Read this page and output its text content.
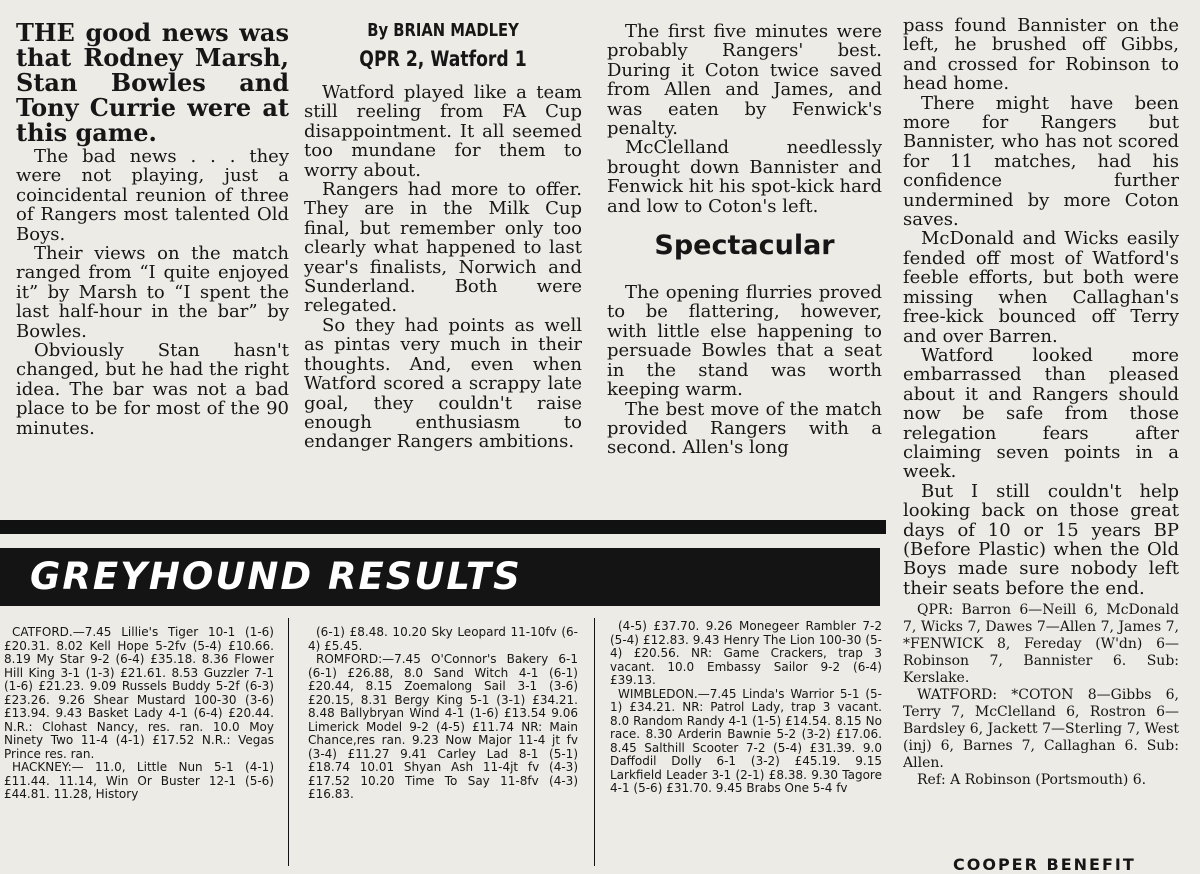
THE good news was that Rodney Marsh, Stan Bowles and Tony Currie were at this game.

The bad news . . . they were not playing, just a coincidental reunion of three of Rangers most talented Old Boys.

Their views on the match ranged from “I quite enjoyed it” by Marsh to “I spent the last half-hour in the bar” by Bowles.

Obviously Stan hasn't changed, but he had the right idea. The bar was not a bad place to be for most of the 90 minutes.

By BRIAN MADLEY
QPR 2, Watford 1

Watford played like a team still reeling from FA Cup disappointment. It all seemed too mundane for them to worry about.

Rangers had more to offer. They are in the Milk Cup final, but remember only too clearly what happened to last year's finalists, Norwich and Sunderland. Both were relegated.

So they had points as well as pintas very much in their thoughts. And, even when Watford scored a scrappy late goal, they couldn't raise enough enthusiasm to endanger Rangers ambitions.

The first five minutes were probably Rangers' best. During it Coton twice saved from Allen and James, and was eaten by Fenwick's penalty.

McClelland needlessly brought down Bannister and Fenwick hit his spot-kick hard and low to Coton's left.

Spectacular

The opening flurries proved to be flattering, however, with little else happening to persuade Bowles that a seat in the stand was worth keeping warm.

The best move of the match provided Rangers with a second. Allen's long

pass found Bannister on the left, he brushed off Gibbs, and crossed for Robinson to head home.

There might have been more for Rangers but Bannister, who has not scored for 11 matches, had his confidence further undermined by more Coton saves.

McDonald and Wicks easily fended off most of Watford's feeble efforts, but both were missing when Callaghan's free-kick bounced off Terry and over Barren.

Watford looked more embarrassed than pleased about it and Rangers should now be safe from those relegation fears after claiming seven points in a week.

But I still couldn't help looking back on those great days of 10 or 15 years BP (Before Plastic) when the Old Boys made sure nobody left their seats before the end.

QPR: Barron 6—Neill 6, McDonald 7, Wicks 7, Dawes 7—Allen 7, James 7, *FENWICK 8, Fereday (W'dn) 6—Robinson 7, Bannister 6. Sub: Kerslake.

WATFORD: *COTON 8—Gibbs 6, Terry 7, McClelland 6, Rostron 6—Bardsley 6, Jackett 7—Sterling 7, West (inj) 6, Barnes 7, Callaghan 6. Sub: Allen.

Ref: A Robinson (Portsmouth) 6.

COOPER BENEFIT
GREYHOUND RESULTS

CATFORD.—7.45 Lillie's Tiger 10-1 (1-6) £20.31. 8.02 Kell Hope 5-2fv (5-4) £10.66. 8.19 My Star 9-2 (6-4) £35.18. 8.36 Flower Hill King 3-1 (1-3) £21.61. 8.53 Guzzler 7-1 (1-6) £21.23. 9.09 Russels Buddy 5-2f (6-3) £23.26. 9.26 Shear Mustard 100-30 (3-6) £13.94. 9.43 Basket Lady 4-1 (6-4) £20.44. N.R.: Clohast Nancy, res. ran. 10.0 Moy Ninety Two 11-4 (4-1) £17.52 N.R.: Vegas Prince res. ran.

HACKNEY:— 11.0, Little Nun 5-1 (4-1) £11.44. 11.14, Win Or Buster 12-1 (5-6) £44.81. 11.28, History

(6-1) £8.48. 10.20 Sky Leopard 11-10fv (6-4) £5.45.

ROMFORD:—7.45 O'Connor's Bakery 6-1 (6-1) £26.88, 8.0 Sand Witch 4-1 (6-1) £20.44, 8.15 Zoemalong Sail 3-1 (3-6) £20.15, 8.31 Bergy King 5-1 (3-1) £34.21. 8.48 Ballybryan Wind 4-1 (1-6) £13.54 9.06 Limerick Model 9-2 (4-5) £11.74 NR: Main Chance,res ran. 9.23 Now Major 11-4 jt fv (3-4) £11.27 9.41 Carley Lad 8-1 (5-1) £18.74 10.01 Shyan Ash 11-4jt fv (4-3) £17.52 10.20 Time To Say 11-8fv (4-3) £16.83.

(4-5) £37.70. 9.26 Monegeer Rambler 7-2 (5-4) £12.83. 9.43 Henry The Lion 100-30 (5-4) £20.56. NR: Game Crackers, trap 3 vacant. 10.0 Embassy Sailor 9-2 (6-4) £39.13.

WIMBLEDON.—7.45 Linda's Warrior 5-1 (5-1) £34.21. NR: Patrol Lady, trap 3 vacant. 8.0 Random Randy 4-1 (1-5) £14.54. 8.15 No race. 8.30 Arderin Bawnie 5-2 (3-2) £17.06. 8.45 Salthill Scooter 7-2 (5-4) £31.39. 9.0 Daffodil Dolly 6-1 (3-2) £45.19. 9.15 Larkfield Leader 3-1 (2-1) £8.38. 9.30 Tagore 4-1 (5-6) £31.70. 9.45 Brabs One 5-4 fv
